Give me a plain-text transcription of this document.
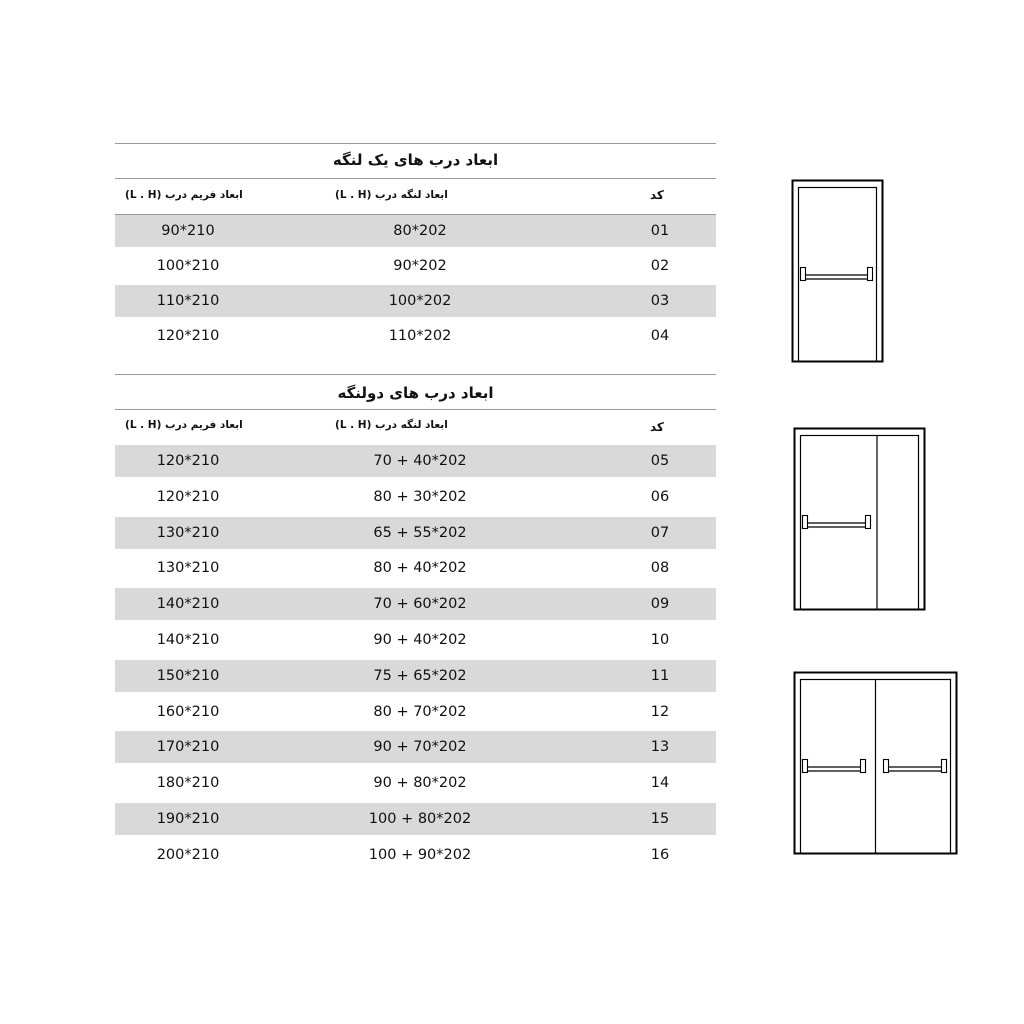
ابعاد درب های یک لنگه
ابعاد فریم درب (L . H)	ابعاد لنگه درب (L . H)	کد
90*210	80*202	01
100*210	90*202	02
110*210	100*202	03
120*210	110*202	04
ابعاد درب های دولنگه
ابعاد فریم درب (L . H)	ابعاد لنگه درب (L . H)	کد
120*210	70 + 40*202	05
120*210	80 + 30*202	06
130*210	65 + 55*202	07
130*210	80 + 40*202	08
140*210	70 + 60*202	09
140*210	90 + 40*202	10
150*210	75 + 65*202	11
160*210	80 + 70*202	12
170*210	90 + 70*202	13
180*210	90 + 80*202	14
190*210	100 + 80*202	15
200*210	100 + 90*202	16
